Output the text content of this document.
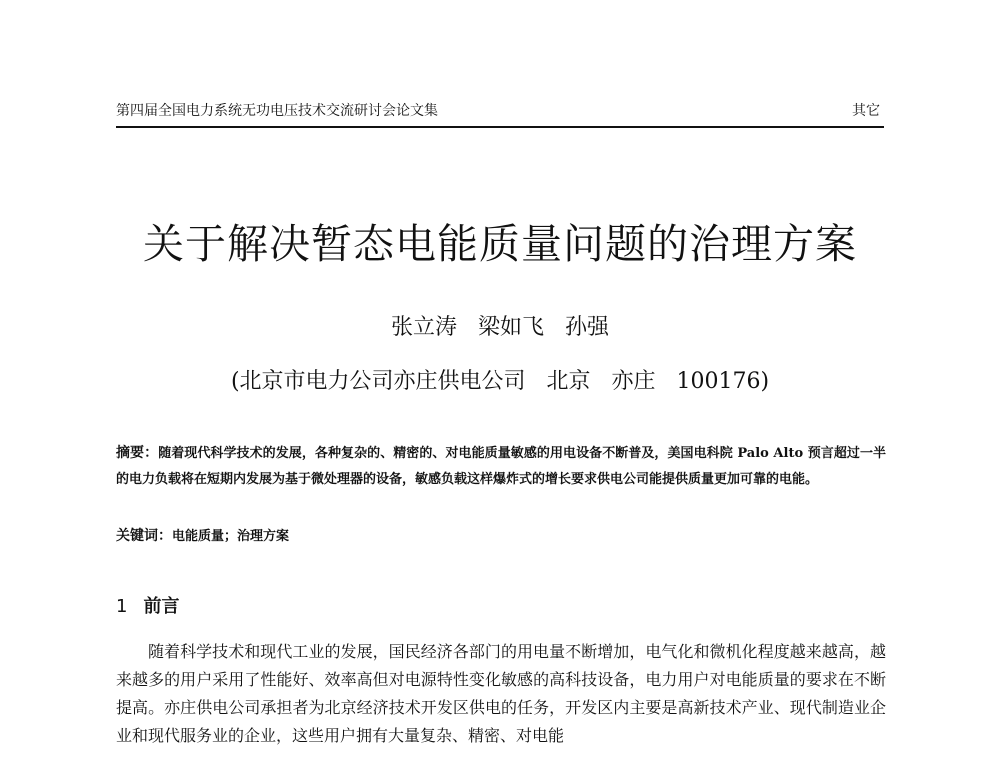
第四届全国电力系统无功电压技术交流研讨会论文集	其它
关于解决暂态电能质量问题的治理方案
张立涛 梁如飞 孙强
(北京市电力公司亦庄供电公司   北京   亦庄   100176)
摘要：随着现代科学技术的发展，各种复杂的、精密的、对电能质量敏感的用电设备不断普及，美国电科院 Palo Alto 预言超过一半的电力负载将在短期内发展为基于微处理器的设备，敏感负载这样爆炸式的增长要求供电公司能提供质量更加可靠的电能。
关键词：电能质量；治理方案
1 前言
随着科学技术和现代工业的发展，国民经济各部门的用电量不断增加，电气化和微机化程度越来越高，越来越多的用户采用了性能好、效率高但对电源特性变化敏感的高科技设备，电力用户对电能质量的要求在不断提高。亦庄供电公司承担者为北京经济技术开发区供电的任务，开发区内主要是高新技术产业、现代制造业企业和现代服务业的企业，这些用户拥有大量复杂、精密、对电能
